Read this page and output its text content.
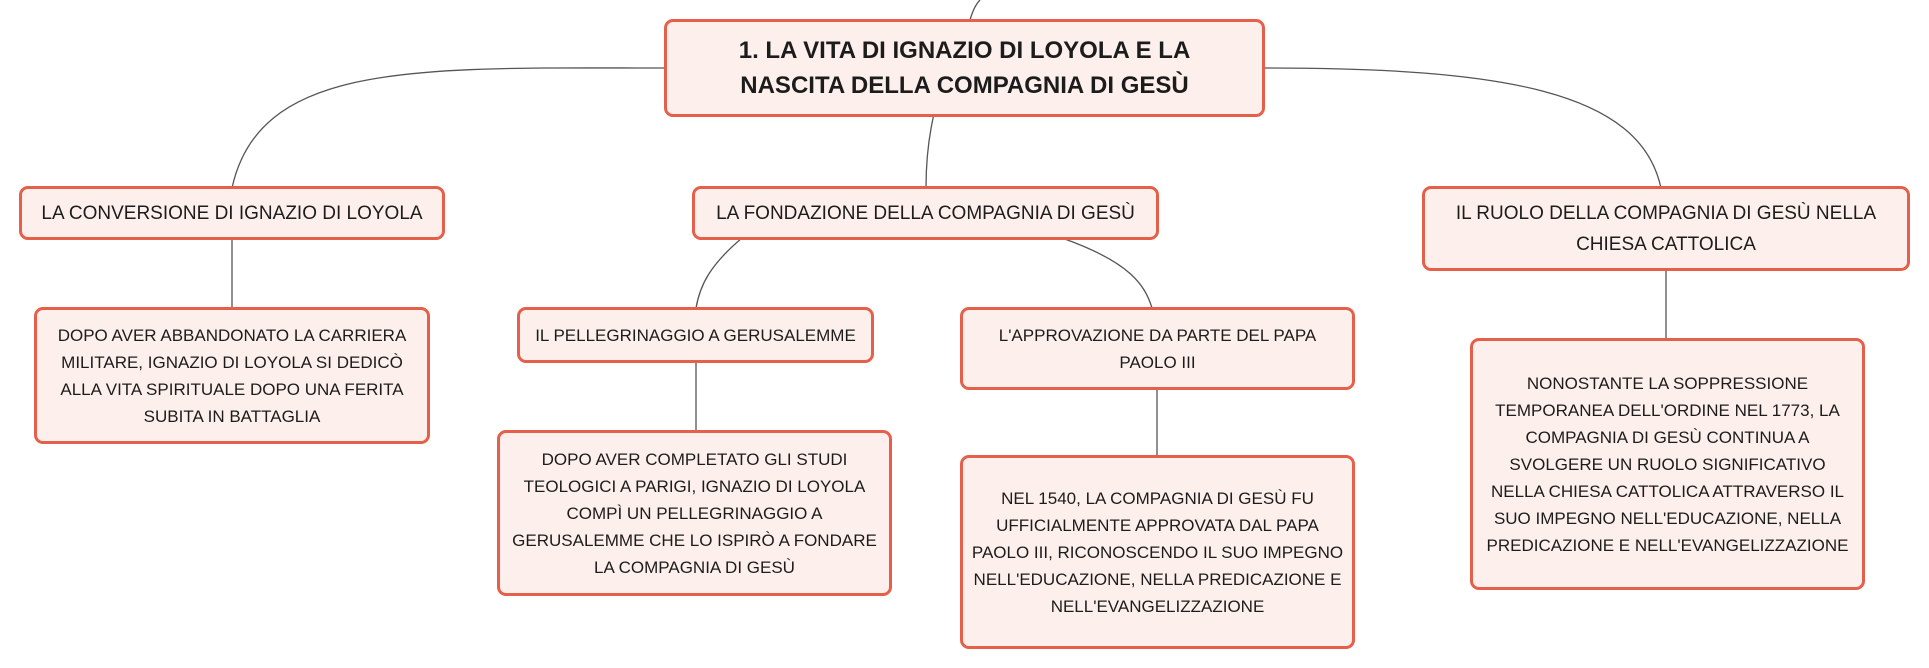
1. LA VITA DI IGNAZIO DI LOYOLA E LA NASCITA DELLA COMPAGNIA DI GESÙ
LA CONVERSIONE DI IGNAZIO DI LOYOLA	LA FONDAZIONE DELLA COMPAGNIA DI GESÙ	IL RUOLO DELLA COMPAGNIA DI GESÙ NELLA CHIESA CATTOLICA
DOPO AVER ABBANDONATO LA CARRIERA MILITARE, IGNAZIO DI LOYOLA SI DEDICÒ ALLA VITA SPIRITUALE DOPO UNA FERITA SUBITA IN BATTAGLIA
IL PELLEGRINAGGIO A GERUSALEMME	L'APPROVAZIONE DA PARTE DEL PAPA PAOLO III
DOPO AVER COMPLETATO GLI STUDI TEOLOGICI A PARIGI, IGNAZIO DI LOYOLA COMPÌ UN PELLEGRINAGGIO A GERUSALEMME CHE LO ISPIRÒ A FONDARE LA COMPAGNIA DI GESÙ
NEL 1540, LA COMPAGNIA DI GESÙ FU UFFICIALMENTE APPROVATA DAL PAPA PAOLO III, RICONOSCENDO IL SUO IMPEGNO NELL'EDUCAZIONE, NELLA PREDICAZIONE E NELL'EVANGELIZZAZIONE
NONOSTANTE LA SOPPRESSIONE TEMPORANEA DELL'ORDINE NEL 1773, LA COMPAGNIA DI GESÙ CONTINUA A SVOLGERE UN RUOLO SIGNIFICATIVO NELLA CHIESA CATTOLICA ATTRAVERSO IL SUO IMPEGNO NELL'EDUCAZIONE, NELLA PREDICAZIONE E NELL'EVANGELIZZAZIONE
